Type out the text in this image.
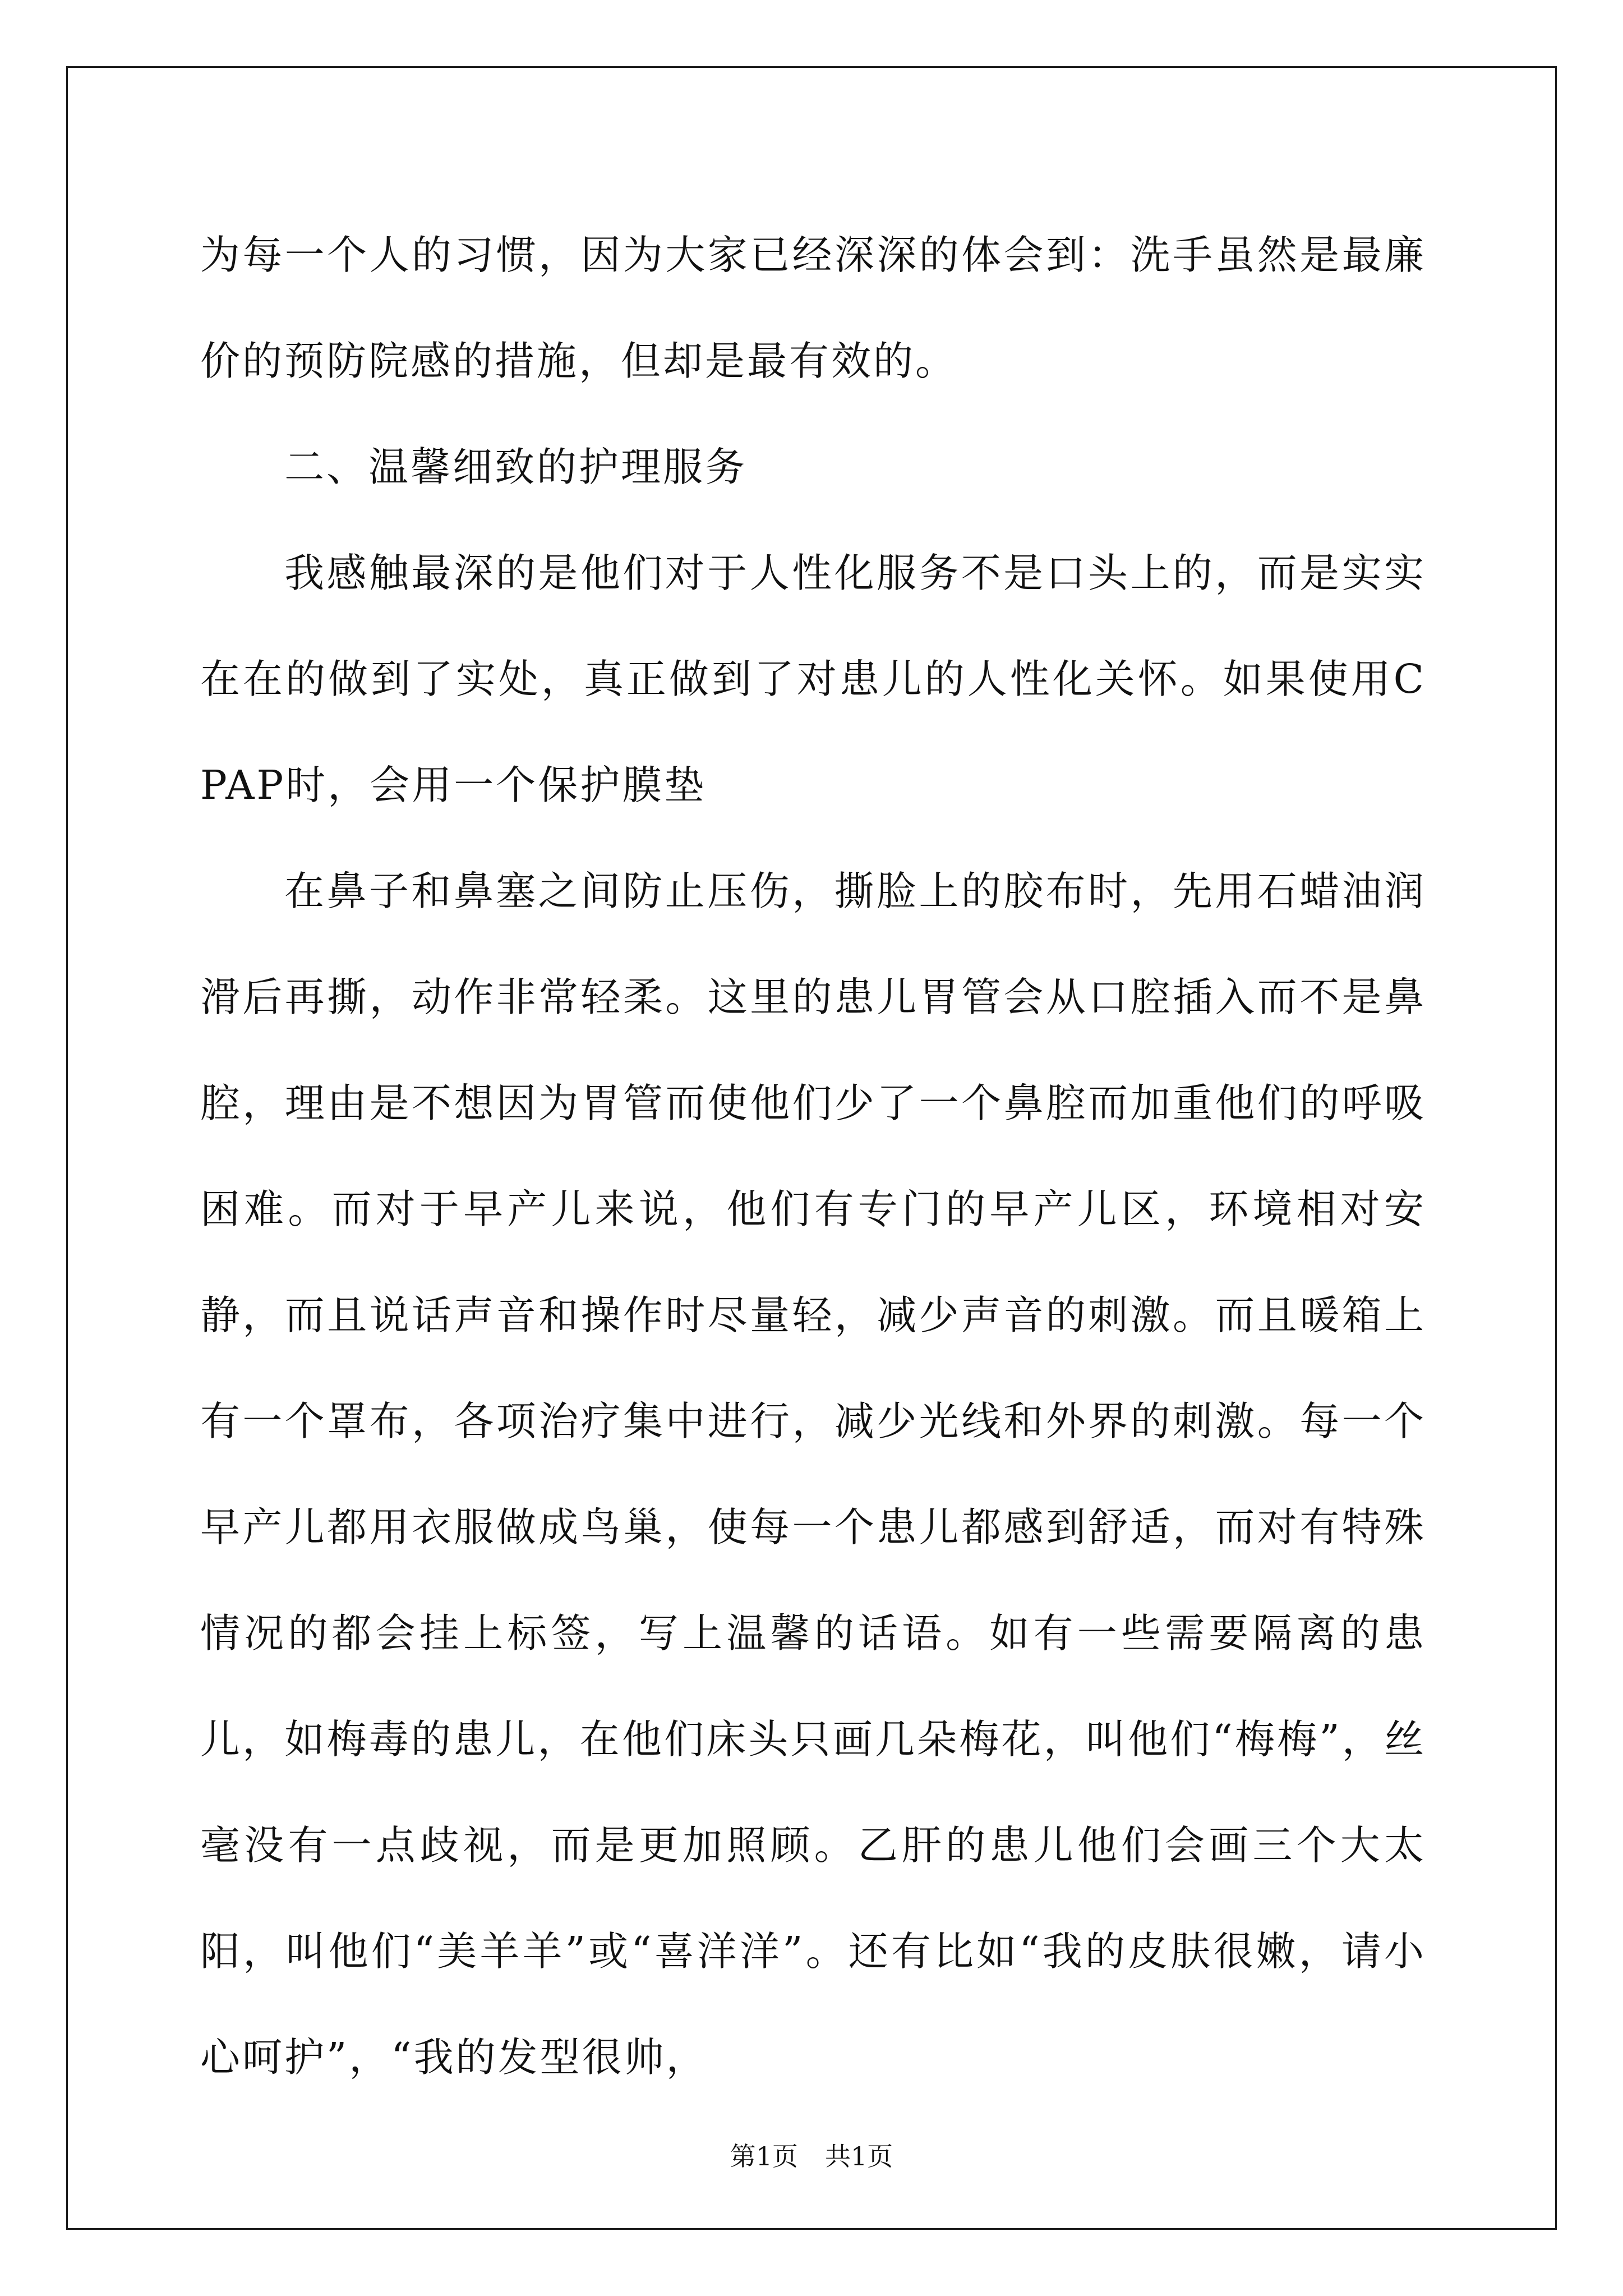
为每一个人的习惯，因为大家已经深深的体会到：洗手虽然是最廉价的预防院感的措施，但却是最有效的。

二、温馨细致的护理服务

我感触最深的是他们对于人性化服务不是口头上的，而是实实在在的做到了实处，真正做到了对患儿的人性化关怀。如果使用CPAP时，会用一个保护膜垫

在鼻子和鼻塞之间防止压伤，撕脸上的胶布时，先用石蜡油润滑后再撕，动作非常轻柔。这里的患儿胃管会从口腔插入而不是鼻腔，理由是不想因为胃管而使他们少了一个鼻腔而加重他们的呼吸困难。而对于早产儿来说，他们有专门的早产儿区，环境相对安静，而且说话声音和操作时尽量轻，减少声音的刺激。而且暖箱上有一个罩布，各项治疗集中进行，减少光线和外界的刺激。每一个早产儿都用衣服做成鸟巢，使每一个患儿都感到舒适，而对有特殊情况的都会挂上标签，写上温馨的话语。如有一些需要隔离的患儿，如梅毒的患儿，在他们床头只画几朵梅花，叫他们“梅梅”，丝毫没有一点歧视，而是更加照顾。乙肝的患儿他们会画三个大太阳，叫他们“美羊羊”或“喜洋洋”。还有比如“我的皮肤很嫩，请小心呵护”，“我的发型很帅，

第1页 共1页
